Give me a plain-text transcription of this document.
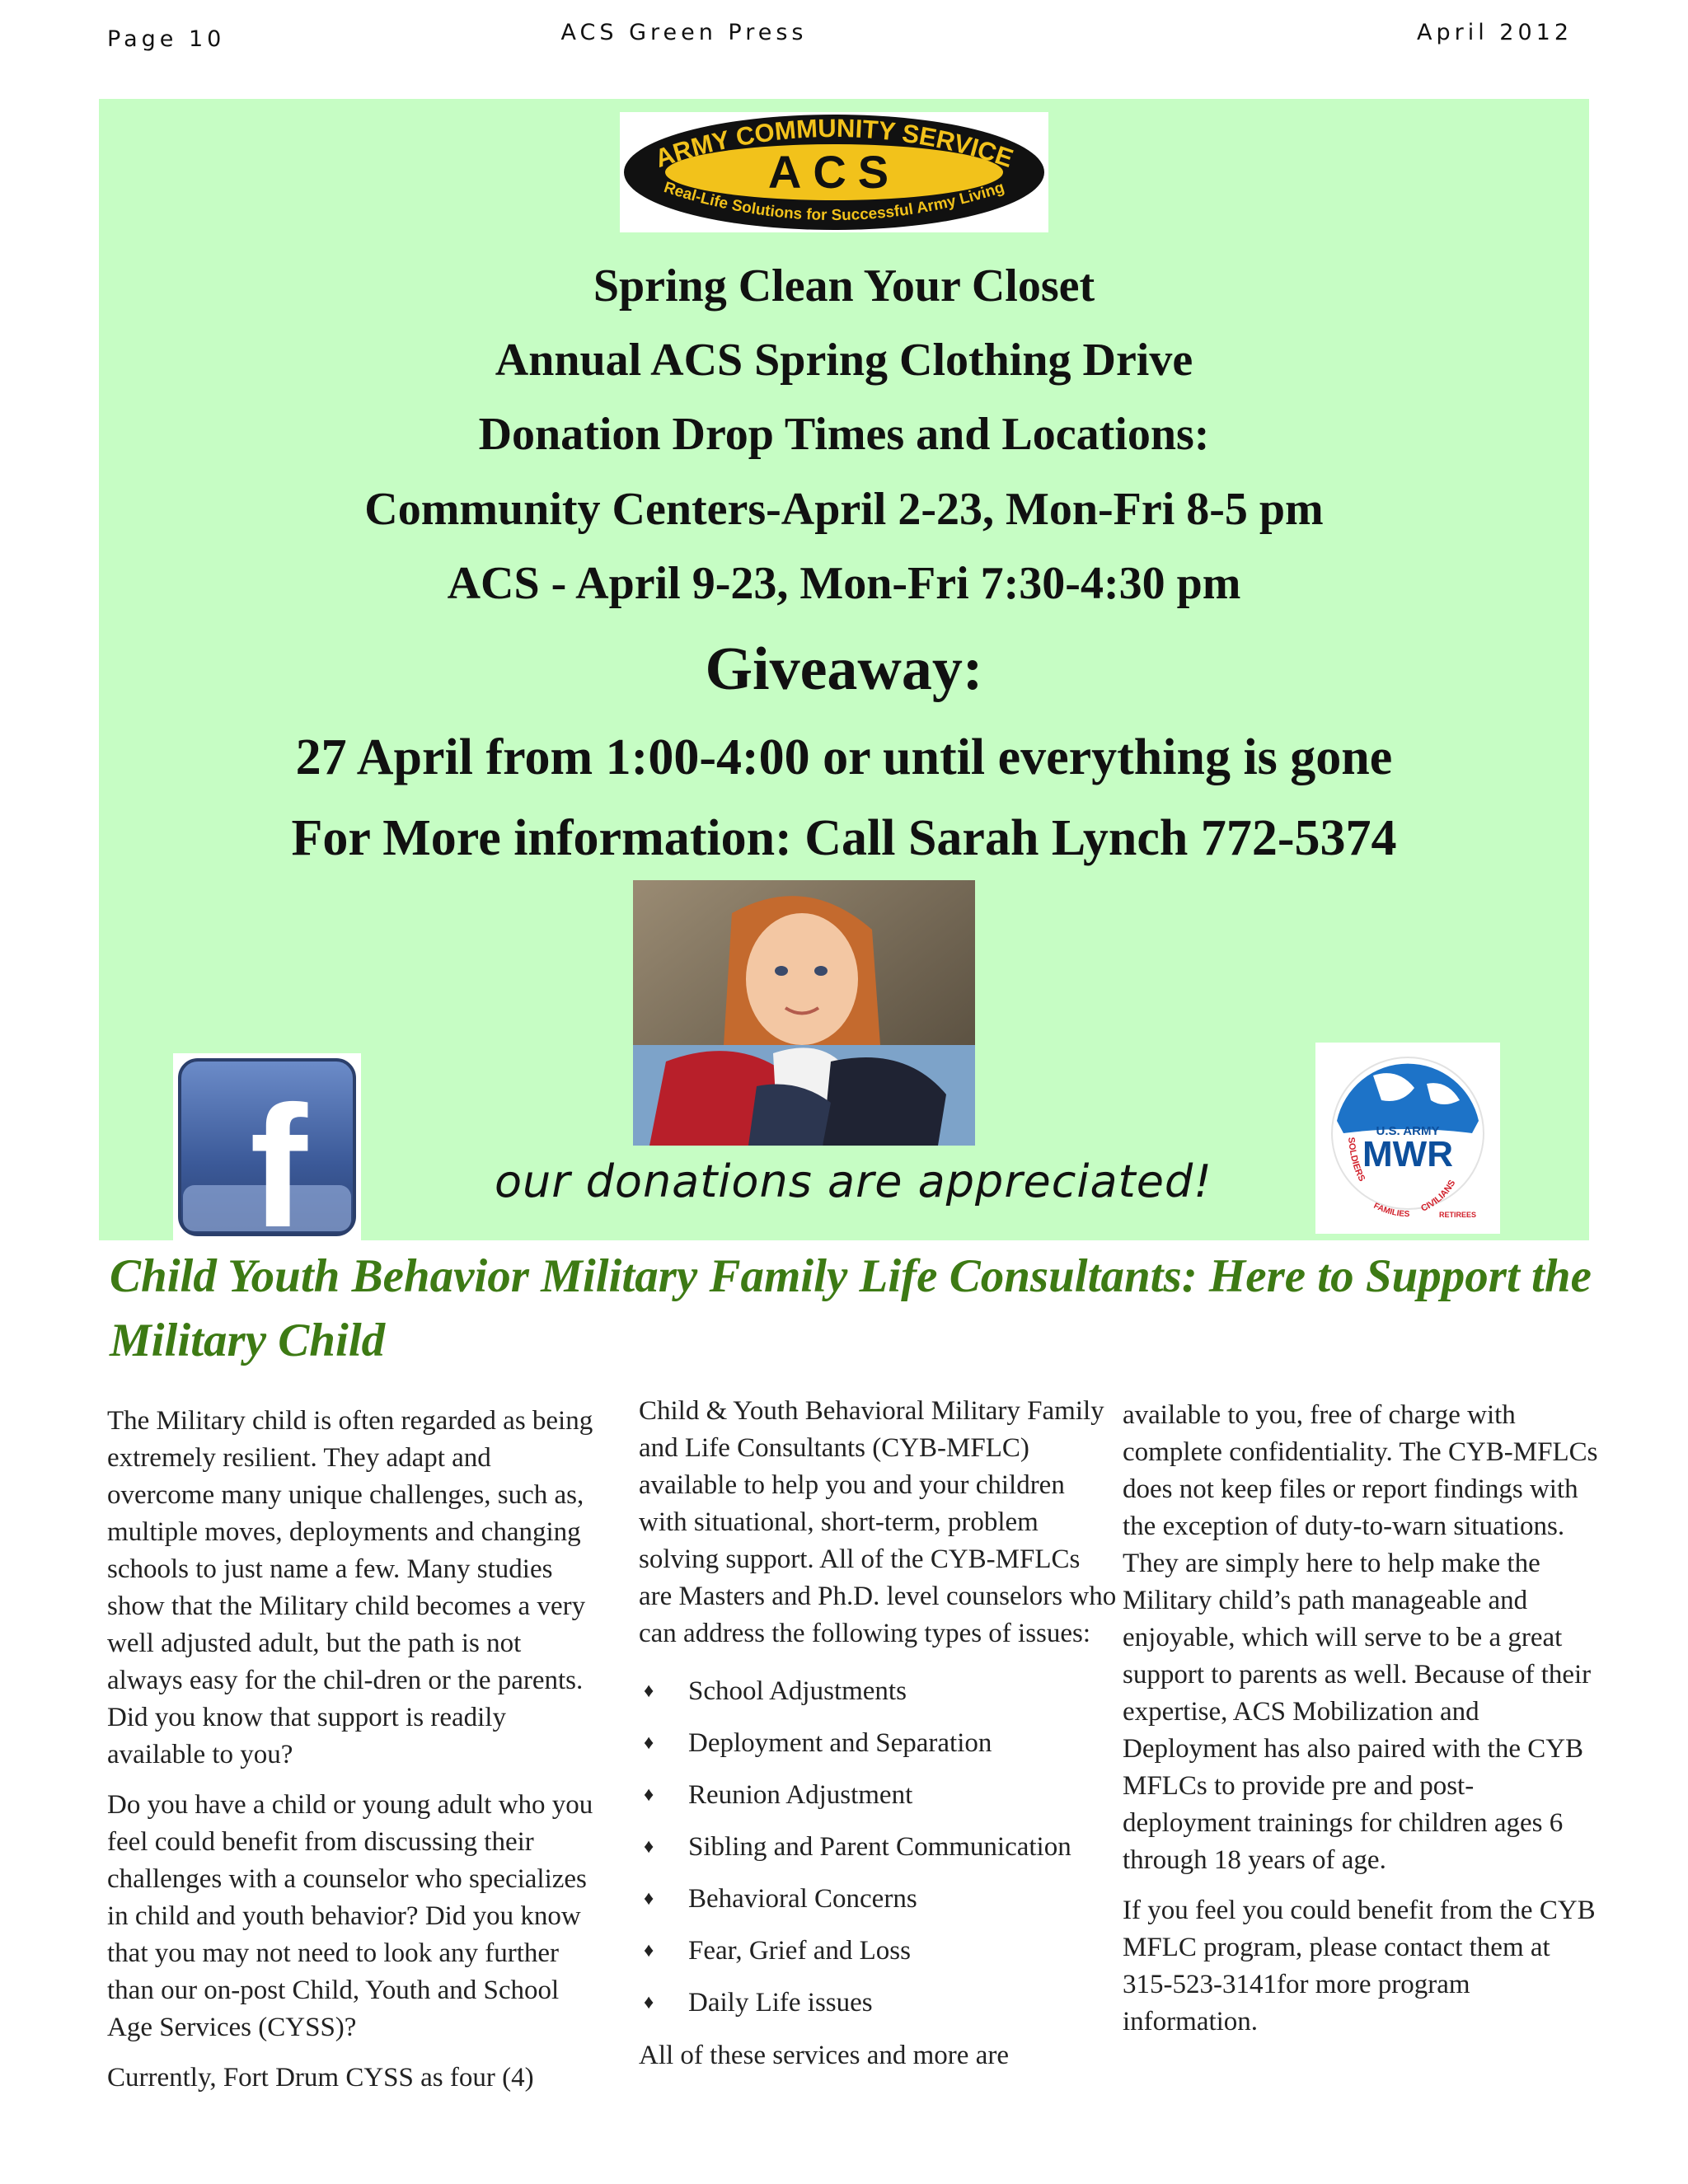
Page 10	ACS Green Press	April 2012
ARMY COMMUNITY SERVICE
ACS
Real-Life Solutions for Successful Army Living
Spring Clean Your Closet
Annual ACS Spring Clothing Drive
Donation Drop Times and Locations:
Community Centers-April 2-23, Mon-Fri 8-5 pm
ACS - April 9-23, Mon-Fri 7:30-4:30 pm
Giveaway:
27 April from 1:00-4:00 or until everything is gone
For More information: Call Sarah Lynch 772-5374
our donations are appreciated!
f	U.S. ARMY
MWR
SOLDIERS
FAMILIES	RETIREES
CIVILIANS
Child Youth Behavior Military Family Life Consultants: Here to Support the Military Child

The Military child is often regarded as being extremely resilient. They adapt and overcome many unique challenges, such as, multiple moves, deployments and changing schools to just name a few. Many studies show that the Military child becomes a very well adjusted adult, but the path is not always easy for the chil-dren or the parents. Did you know that support is readily available to you?

Do you have a child or young adult who you feel could benefit from discussing their challenges with a counselor who specializes in child and youth behavior? Did you know that you may not need to look any further than our on-post Child, Youth and School Age Services (CYSS)?

Currently, Fort Drum CYSS as four (4)

Child & Youth Behavioral Military Family and Life Consultants (CYB-MFLC) available to help you and your children with situational, short-term, problem solving support. All of the CYB-MFLCs are Masters and Ph.D. level counselors who can address the following types of issues:

♦ School Adjustments
♦ Deployment and Separation
♦ Reunion Adjustment
♦ Sibling and Parent Communication
♦ Behavioral Concerns
♦ Fear, Grief and Loss
♦ Daily Life issues

All of these services and more are

available to you, free of charge with complete confidentiality. The CYB-MFLCs does not keep files or report findings with the exception of duty-to-warn situations. They are simply here to help make the Military child’s path manageable and enjoyable, which will serve to be a great support to parents as well. Because of their expertise, ACS Mobilization and Deployment has also paired with the CYB MFLCs to provide pre and post-deployment trainings for children ages 6 through 18 years of age.

If you feel you could benefit from the CYB MFLC program, please contact them at 315-523-3141for more program information.
